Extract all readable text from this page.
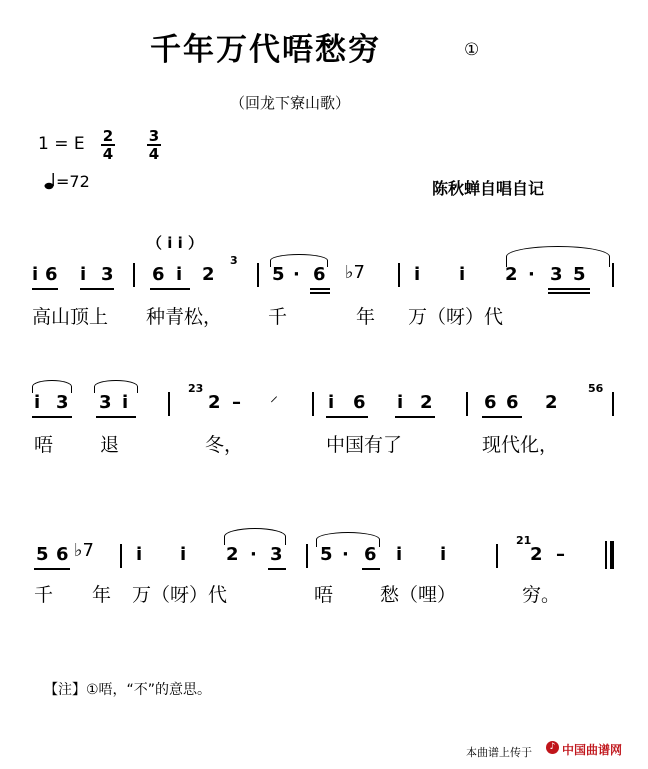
千年万代唔愁穷	①
（回龙下寮山歌）
1 = E 2
4
3
4
=72	陈秋蝉自唱自记
（ i i ）
i 6 i 3 6 i 2
3
5 · 6 ♭7	i i 2 · 3 5
高山顶上 种青松， 千	年 万（呀）代
i 3 3 i
23
2 – ⸝	i 6 i 2	6 6 2
56
唔 退	冬，	中国有了	现代化，
5 6 ♭7 i i 2 · 3 5 · 6 i i
21
2 –
千 年 万（呀）代	唔 愁（哩）	穷。
【注】①唔，“不”的意思。
本曲谱上传于	♪ 中国曲谱网
